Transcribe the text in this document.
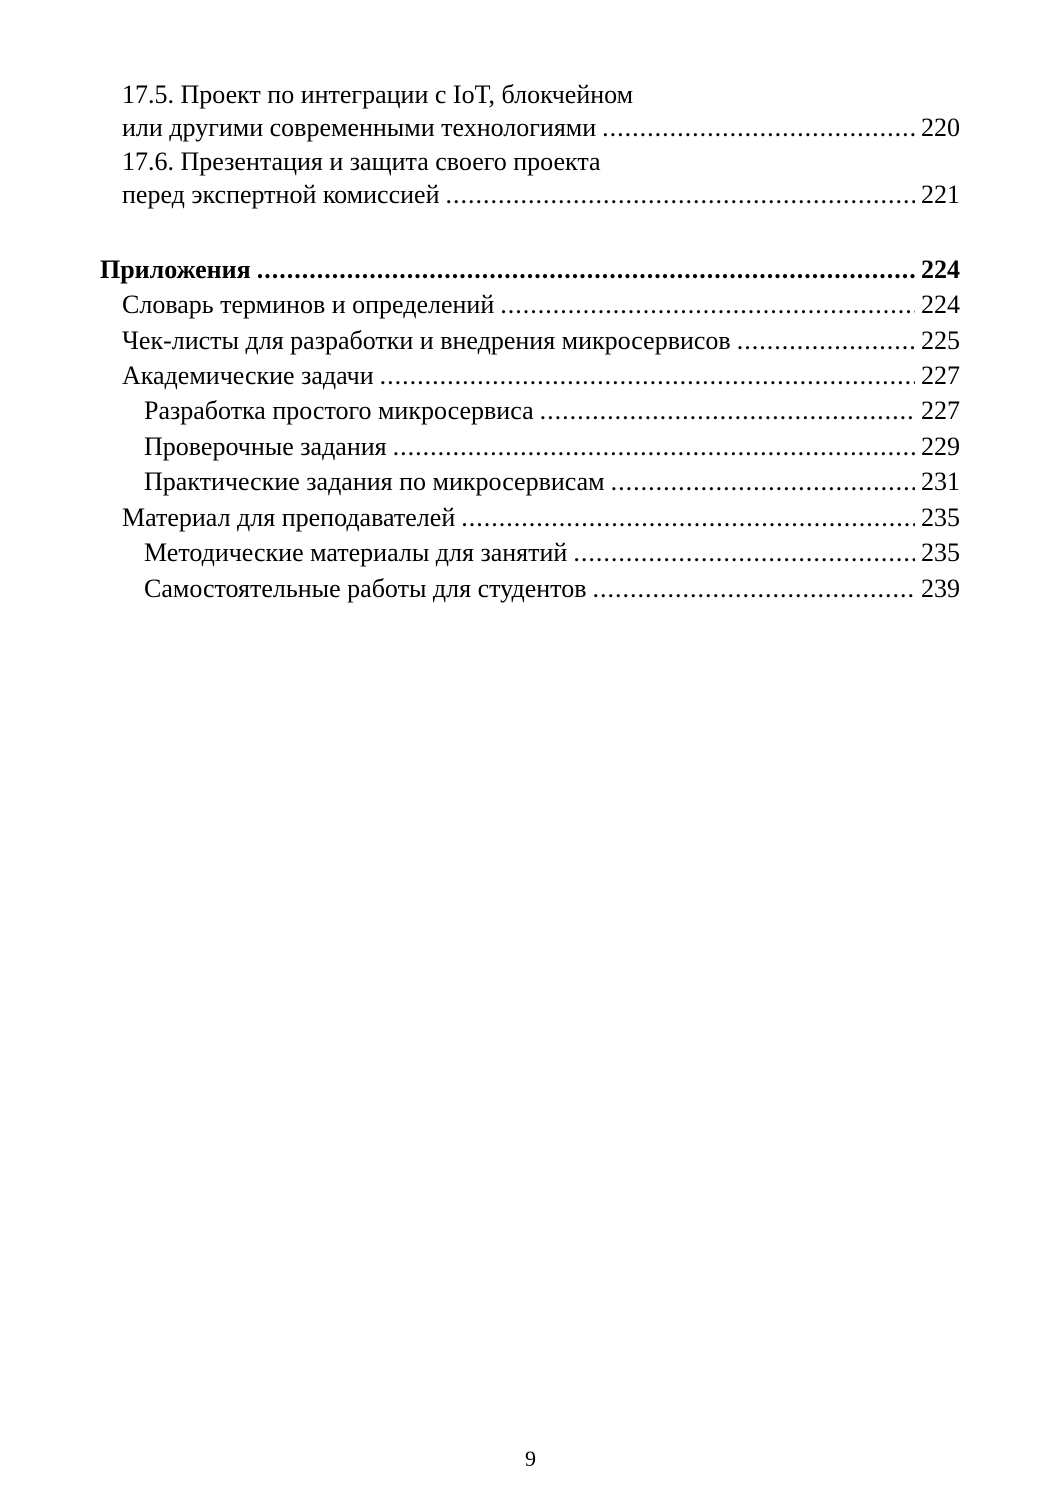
17.5. Проект по интеграции с IoT, блокчейном
или другими современными технологиями .....	220
17.6. Презентация и защита своего проекта
перед экспертной комиссией .....	221
Приложения .....	224
Словарь терминов и определений .....	224
Чек-листы для разработки и внедрения микросервисов .....	225
Академические задачи .....	227
Разработка простого микросервиса .....	227
Проверочные задания .....	229
Практические задания по микросервисам .....	231
Материал для преподавателей .....	235
Методические материалы для занятий .....	235
Самостоятельные работы для студентов .....	239
9
